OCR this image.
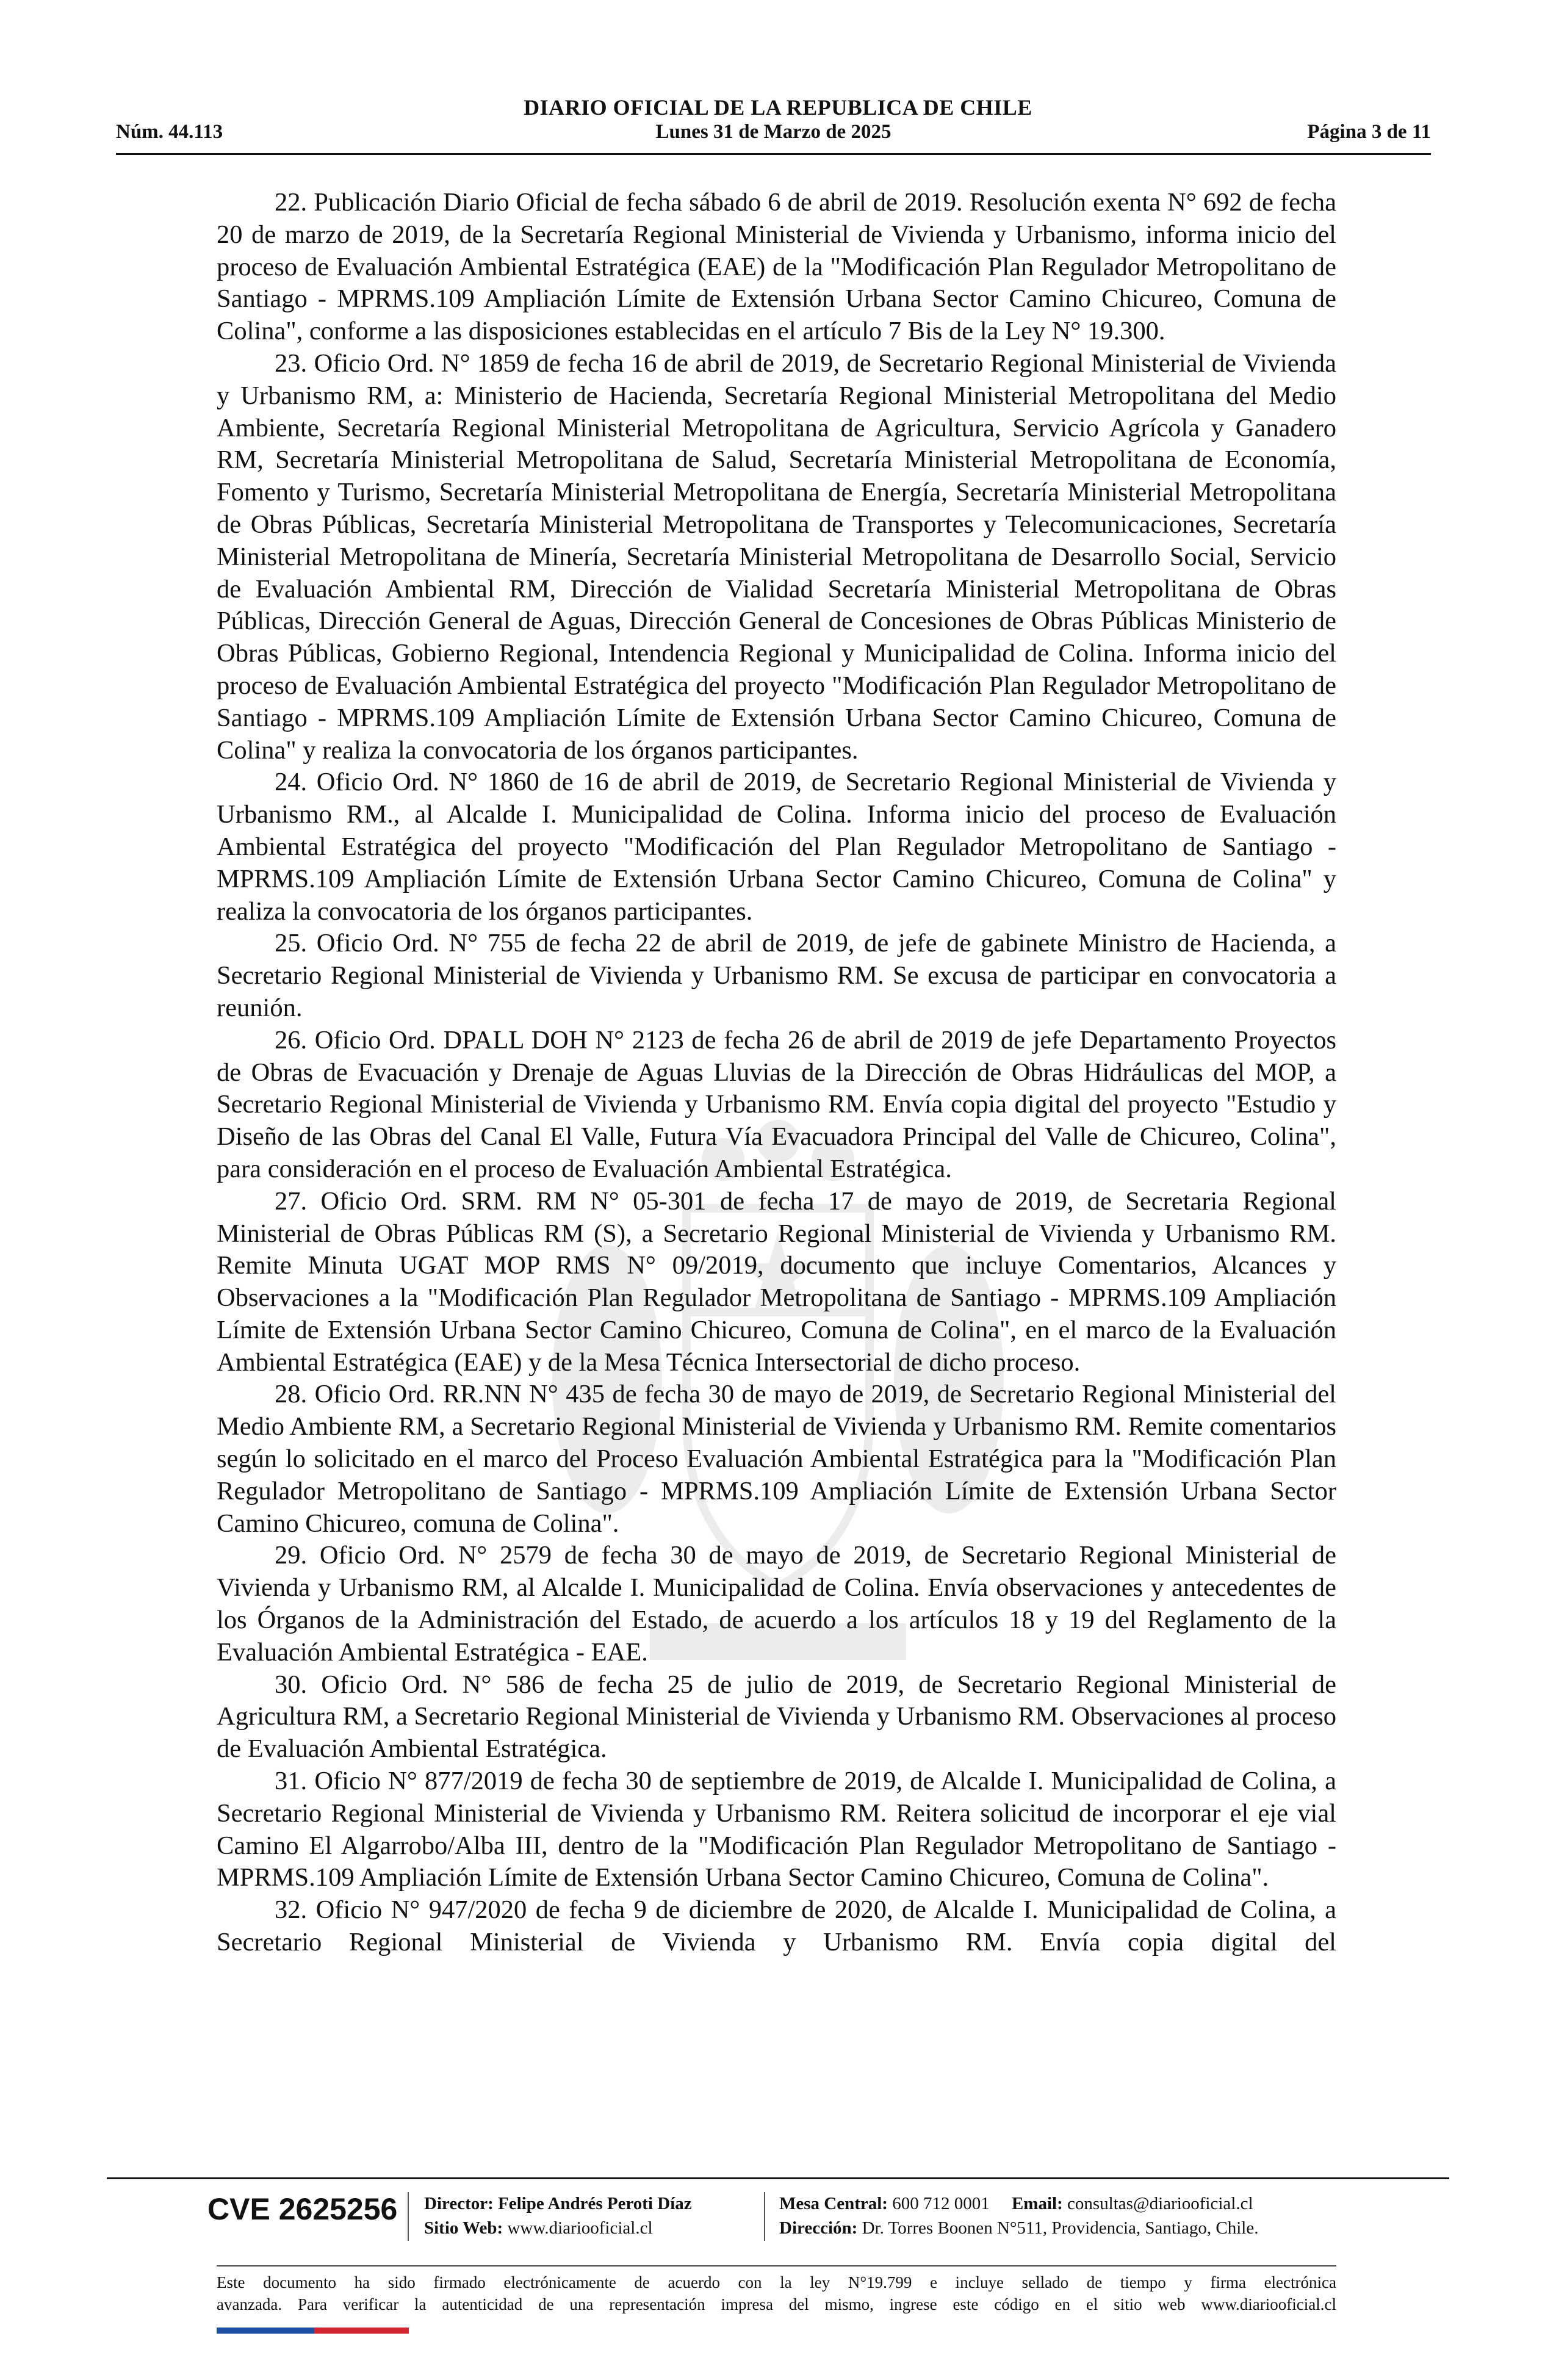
DIARIO OFICIAL DE LA REPUBLICA DE CHILE
Núm. 44.113	Lunes 31 de Marzo de 2025	Página 3 de 11

22. Publicación Diario Oficial de fecha sábado 6 de abril de 2019. Resolución exenta N° 692 de fecha 20 de marzo de 2019, de la Secretaría Regional Ministerial de Vivienda y Urbanismo, informa inicio del proceso de Evaluación Ambiental Estratégica (EAE) de la "Modificación Plan Regulador Metropolitano de Santiago - MPRMS.109 Ampliación Límite de Extensión Urbana Sector Camino Chicureo, Comuna de Colina", conforme a las disposiciones establecidas en el artículo 7 Bis de la Ley N° 19.300.

23. Oficio Ord. N° 1859 de fecha 16 de abril de 2019, de Secretario Regional Ministerial de Vivienda y Urbanismo RM, a: Ministerio de Hacienda, Secretaría Regional Ministerial Metropolitana del Medio Ambiente, Secretaría Regional Ministerial Metropolitana de Agricultura, Servicio Agrícola y Ganadero RM, Secretaría Ministerial Metropolitana de Salud, Secretaría Ministerial Metropolitana de Economía, Fomento y Turismo, Secretaría Ministerial Metropolitana de Energía, Secretaría Ministerial Metropolitana de Obras Públicas, Secretaría Ministerial Metropolitana de Transportes y Telecomunicaciones, Secretaría Ministerial Metropolitana de Minería, Secretaría Ministerial Metropolitana de Desarrollo Social, Servicio de Evaluación Ambiental RM, Dirección de Vialidad Secretaría Ministerial Metropolitana de Obras Públicas, Dirección General de Aguas, Dirección General de Concesiones de Obras Públicas Ministerio de Obras Públicas, Gobierno Regional, Intendencia Regional y Municipalidad de Colina. Informa inicio del proceso de Evaluación Ambiental Estratégica del proyecto "Modificación Plan Regulador Metropolitano de Santiago - MPRMS.109 Ampliación Límite de Extensión Urbana Sector Camino Chicureo, Comuna de Colina" y realiza la convocatoria de los órganos participantes.

24. Oficio Ord. N° 1860 de 16 de abril de 2019, de Secretario Regional Ministerial de Vivienda y Urbanismo RM., al Alcalde I. Municipalidad de Colina. Informa inicio del proceso de Evaluación Ambiental Estratégica del proyecto "Modificación del Plan Regulador Metropolitano de Santiago - MPRMS.109 Ampliación Límite de Extensión Urbana Sector Camino Chicureo, Comuna de Colina" y realiza la convocatoria de los órganos participantes.

25. Oficio Ord. N° 755 de fecha 22 de abril de 2019, de jefe de gabinete Ministro de Hacienda, a Secretario Regional Ministerial de Vivienda y Urbanismo RM. Se excusa de participar en convocatoria a reunión.

26. Oficio Ord. DPALL DOH N° 2123 de fecha 26 de abril de 2019 de jefe Departamento Proyectos de Obras de Evacuación y Drenaje de Aguas Lluvias de la Dirección de Obras Hidráulicas del MOP, a Secretario Regional Ministerial de Vivienda y Urbanismo RM. Envía copia digital del proyecto "Estudio y Diseño de las Obras del Canal El Valle, Futura Vía Evacuadora Principal del Valle de Chicureo, Colina", para consideración en el proceso de Evaluación Ambiental Estratégica.

27. Oficio Ord. SRM. RM N° 05-301 de fecha 17 de mayo de 2019, de Secretaria Regional Ministerial de Obras Públicas RM (S), a Secretario Regional Ministerial de Vivienda y Urbanismo RM. Remite Minuta UGAT MOP RMS N° 09/2019, documento que incluye Comentarios, Alcances y Observaciones a la "Modificación Plan Regulador Metropolitana de Santiago - MPRMS.109 Ampliación Límite de Extensión Urbana Sector Camino Chicureo, Comuna de Colina", en el marco de la Evaluación Ambiental Estratégica (EAE) y de la Mesa Técnica Intersectorial de dicho proceso.

28. Oficio Ord. RR.NN N° 435 de fecha 30 de mayo de 2019, de Secretario Regional Ministerial del Medio Ambiente RM, a Secretario Regional Ministerial de Vivienda y Urbanismo RM. Remite comentarios según lo solicitado en el marco del Proceso Evaluación Ambiental Estratégica para la "Modificación Plan Regulador Metropolitano de Santiago - MPRMS.109 Ampliación Límite de Extensión Urbana Sector Camino Chicureo, comuna de Colina".

29. Oficio Ord. N° 2579 de fecha 30 de mayo de 2019, de Secretario Regional Ministerial de Vivienda y Urbanismo RM, al Alcalde I. Municipalidad de Colina. Envía observaciones y antecedentes de los Órganos de la Administración del Estado, de acuerdo a los artículos 18 y 19 del Reglamento de la Evaluación Ambiental Estratégica - EAE.

30. Oficio Ord. N° 586 de fecha 25 de julio de 2019, de Secretario Regional Ministerial de Agricultura RM, a Secretario Regional Ministerial de Vivienda y Urbanismo RM. Observaciones al proceso de Evaluación Ambiental Estratégica.

31. Oficio N° 877/2019 de fecha 30 de septiembre de 2019, de Alcalde I. Municipalidad de Colina, a Secretario Regional Ministerial de Vivienda y Urbanismo RM. Reitera solicitud de incorporar el eje vial Camino El Algarrobo/Alba III, dentro de la "Modificación Plan Regulador Metropolitano de Santiago - MPRMS.109 Ampliación Límite de Extensión Urbana Sector Camino Chicureo, Comuna de Colina".

32. Oficio N° 947/2020 de fecha 9 de diciembre de 2020, de Alcalde I. Municipalidad de Colina, a Secretario Regional Ministerial de Vivienda y Urbanismo RM. Envía copia digital del

CVE 2625256 Director: Felipe Andrés Peroti Díaz
Sitio Web: www.diariooficial.cl
Mesa Central: 600 712 0001 Email: consultas@diariooficial.cl
Dirección: Dr. Torres Boonen N°511, Providencia, Santiago, Chile.
Este documento ha sido firmado electrónicamente de acuerdo con la ley N°19.799 e incluye sellado de tiempo y firma electrónica
avanzada. Para verificar la autenticidad de una representación impresa del mismo, ingrese este código en el sitio web www.diariooficial.cl
